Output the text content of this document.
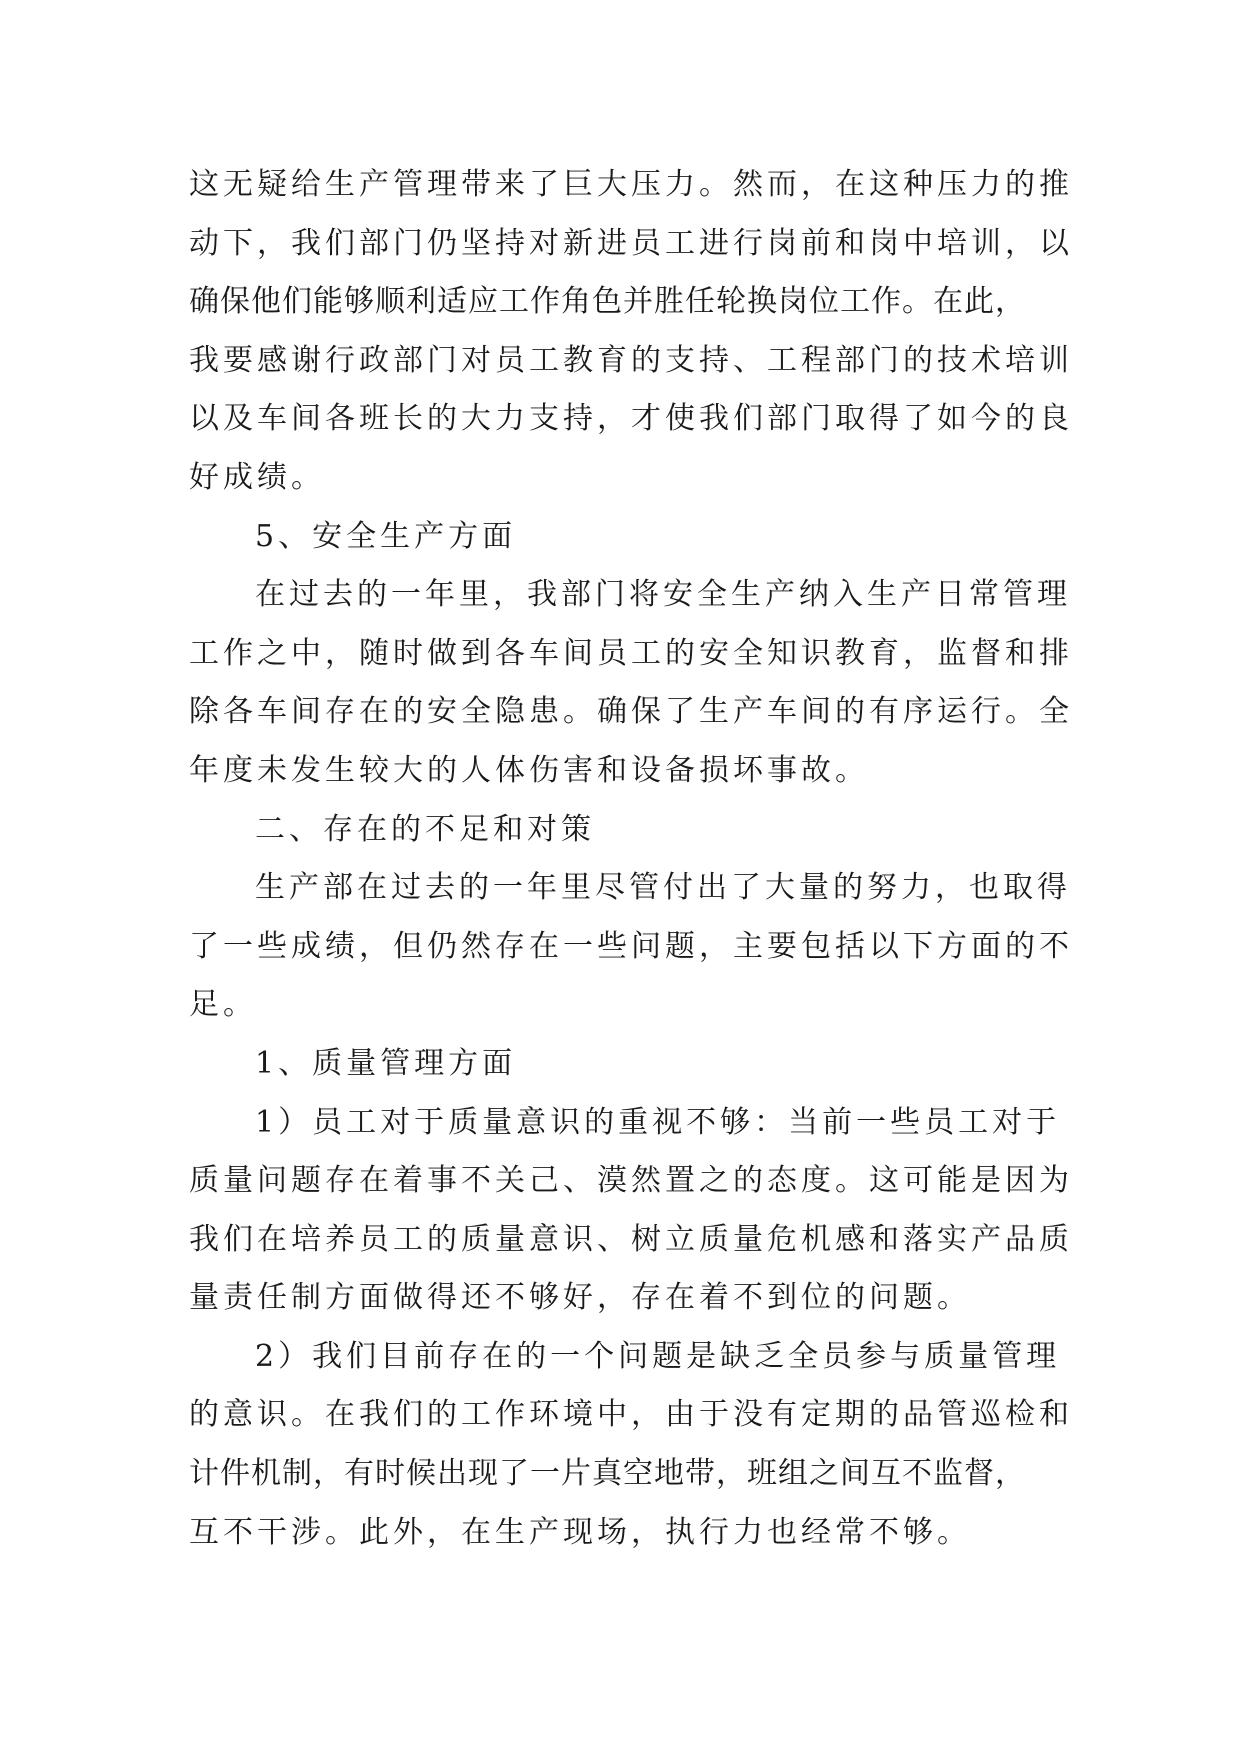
这无疑给生产管理带来了巨大压力。然而，在这种压力的推
动下，我们部门仍坚持对新进员工进行岗前和岗中培训，以
确保他们能够顺利适应工作角色并胜任轮换岗位工作。在此，
我要感谢行政部门对员工教育的支持、工程部门的技术培训
以及车间各班长的大力支持，才使我们部门取得了如今的良
好成绩。
5、安全生产方面
在过去的一年里，我部门将安全生产纳入生产日常管理
工作之中，随时做到各车间员工的安全知识教育，监督和排
除各车间存在的安全隐患。确保了生产车间的有序运行。全
年度未发生较大的人体伤害和设备损坏事故。
二、存在的不足和对策
生产部在过去的一年里尽管付出了大量的努力，也取得
了一些成绩，但仍然存在一些问题，主要包括以下方面的不
足。
1、质量管理方面
1）员工对于质量意识的重视不够：当前一些员工对于
质量问题存在着事不关己、漠然置之的态度。这可能是因为
我们在培养员工的质量意识、树立质量危机感和落实产品质
量责任制方面做得还不够好，存在着不到位的问题。
2）我们目前存在的一个问题是缺乏全员参与质量管理
的意识。在我们的工作环境中，由于没有定期的品管巡检和
计件机制，有时候出现了一片真空地带，班组之间互不监督，
互不干涉。此外，在生产现场，执行力也经常不够。
